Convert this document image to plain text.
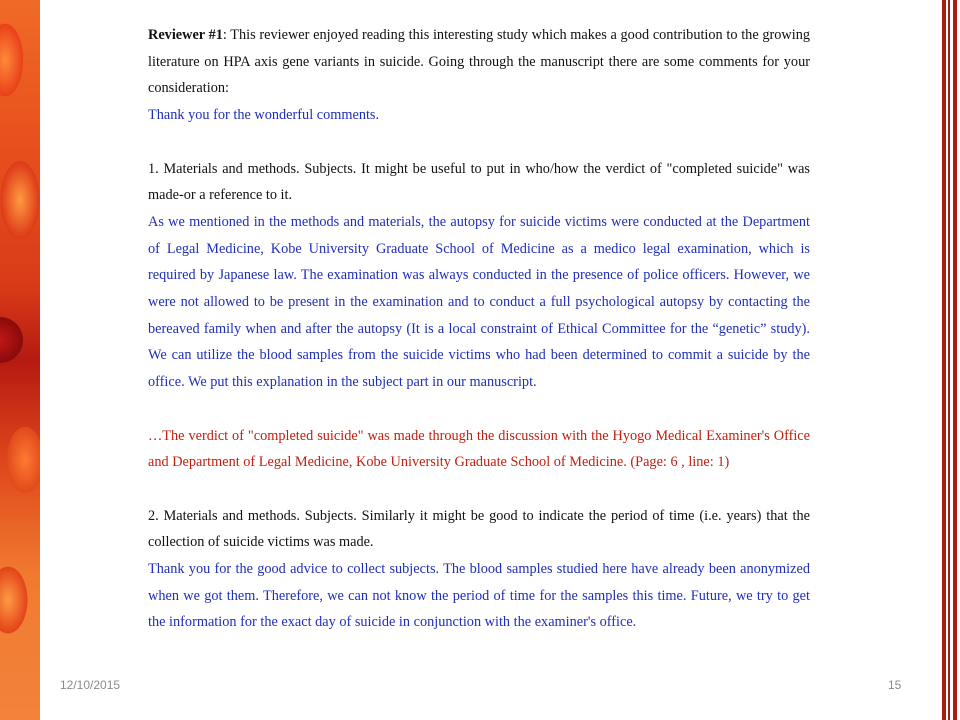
Reviewer #1: This reviewer enjoyed reading this interesting study which makes a good contribution to the growing literature on HPA axis gene variants in suicide. Going through the manuscript there are some comments for your consideration:

Thank you for the wonderful comments.

1. Materials and methods. Subjects. It might be useful to put in who/how the verdict of "completed suicide" was made-or a reference to it.

As we mentioned in the methods and materials, the autopsy for suicide victims were conducted at the Department of Legal Medicine, Kobe University Graduate School of Medicine as a medico legal examination, which is required by Japanese law. The examination was always conducted in the presence of police officers. However, we were not allowed to be present in the examination and to conduct a full psychological autopsy by contacting the bereaved family when and after the autopsy (It is a local constraint of Ethical Committee for the “genetic” study). We can utilize the blood samples from the suicide victims who had been determined to commit a suicide by the office. We put this explanation in the subject part in our manuscript.

…The verdict of "completed suicide" was made through the discussion with the Hyogo Medical Examiner's Office and Department of Legal Medicine, Kobe University Graduate School of Medicine. (Page: 6 , line: 1)

2. Materials and methods. Subjects. Similarly it might be good to indicate the period of time (i.e. years) that the collection of suicide victims was made.

Thank you for the good advice to collect subjects. The blood samples studied here have already been anonymized when we got them. Therefore, we can not know the period of time for the samples this time. Future, we try to get the information for the exact day of suicide in conjunction with the examiner's office.

12/10/2015	15
